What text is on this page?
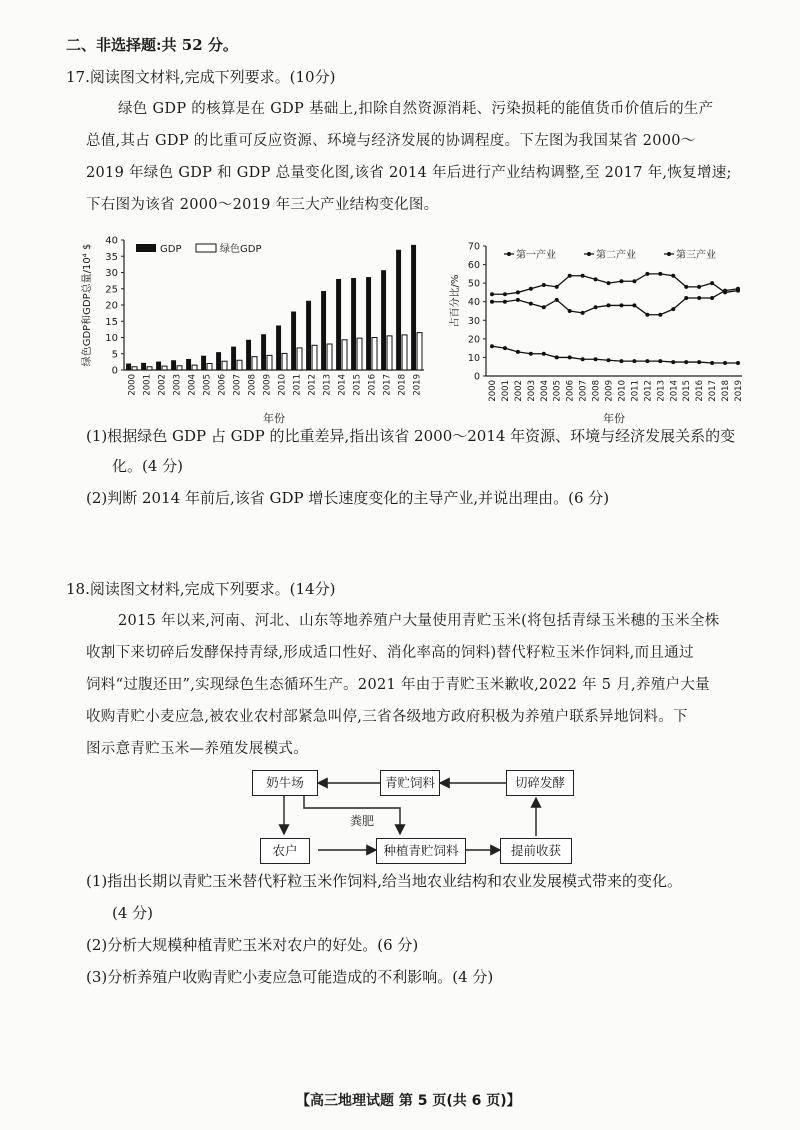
二、非选择题:共 52 分。
17.阅读图文材料,完成下列要求。(10分)
绿色 GDP 的核算是在 GDP 基础上,扣除自然资源消耗、污染损耗的能值货币价值后的生产
总值,其占 GDP 的比重可反应资源、环境与经济发展的协调程度。下左图为我国某省 2000～
2019 年绿色 GDP 和 GDP 总量变化图,该省 2014 年后进行产业结构调整,至 2017 年,恢复增速;
下右图为该省 2000～2019 年三大产业结构变化图。
0
5
10
15
20
25
30
35
40
绿色GDP和GDP总量/10⁴ $
2000 2001 2002 2003 2004 2005 2006 2007 2008 2009 2010 2011 2012 2013 2014 2015 2016 2017 2018 2019
年份
GDP	绿色GDP
0
10
20
30
40
50
60
70
占百分比/%
2000 2001 2002 2003 2004 2005 2006 2007 2008 2009 2010 2011 2012 2013 2014 2015 2016 2017 2018 2019
年份
第一产业	第二产业	第三产业
(1)根据绿色 GDP 占 GDP 的比重差异,指出该省 2000～2014 年资源、环境与经济发展关系的变
化。(4 分)
(2)判断 2014 年前后,该省 GDP 增长速度变化的主导产业,并说出理由。(6 分)
18.阅读图文材料,完成下列要求。(14分)
2015 年以来,河南、河北、山东等地养殖户大量使用青贮玉米(将包括青绿玉米穗的玉米全株
收割下来切碎后发酵保持青绿,形成适口性好、消化率高的饲料)替代籽粒玉米作饲料,而且通过
饲料“过腹还田”,实现绿色生态循环生产。2021 年由于青贮玉米歉收,2022 年 5 月,养殖户大量
收购青贮小麦应急,被农业农村部紧急叫停,三省各级地方政府积极为养殖户联系异地饲料。下
图示意青贮玉米—养殖发展模式。
奶牛场	青贮饲料	切碎发酵
粪肥
农户	种植青贮饲料	提前收获
(1)指出长期以青贮玉米替代籽粒玉米作饲料,给当地农业结构和农业发展模式带来的变化。
(4 分)
(2)分析大规模种植青贮玉米对农户的好处。(6 分)
(3)分析养殖户收购青贮小麦应急可能造成的不利影响。(4 分)
【高三地理试题 第 5 页(共 6 页)】
